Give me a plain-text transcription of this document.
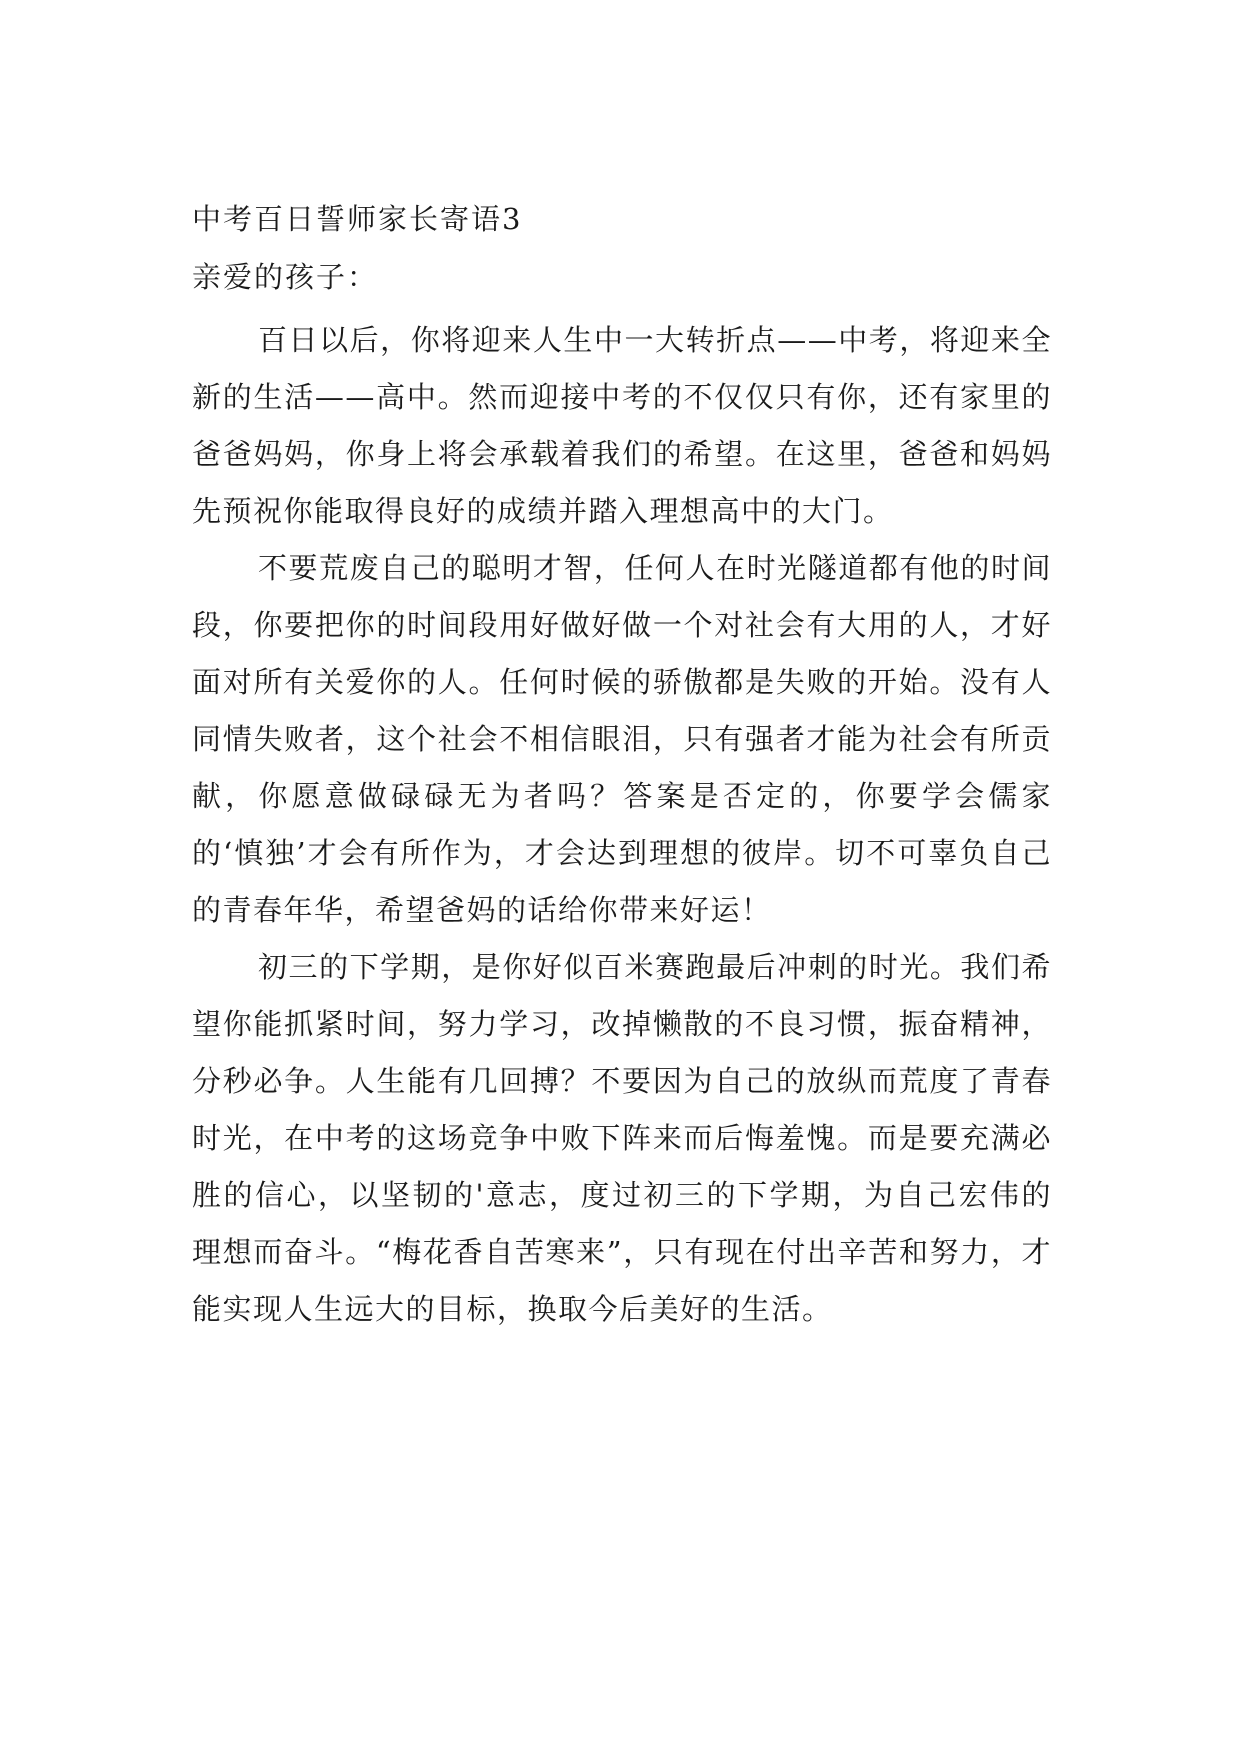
中考百日誓师家长寄语3

亲爱的孩子：

百日以后，你将迎来人生中一大转折点——中考，将迎来全新的生活——高中。然而迎接中考的不仅仅只有你，还有家里的爸爸妈妈，你身上将会承载着我们的希望。在这里，爸爸和妈妈先预祝你能取得良好的成绩并踏入理想高中的大门。

不要荒废自己的聪明才智，任何人在时光隧道都有他的时间段，你要把你的时间段用好做好做一个对社会有大用的人，才好面对所有关爱你的人。任何时候的骄傲都是失败的开始。没有人同情失败者，这个社会不相信眼泪，只有强者才能为社会有所贡献，你愿意做碌碌无为者吗？答案是否定的，你要学会儒家的‘慎独’才会有所作为，才会达到理想的彼岸。切不可辜负自己的青春年华，希望爸妈的话给你带来好运！

初三的下学期，是你好似百米赛跑最后冲刺的时光。我们希望你能抓紧时间，努力学习，改掉懒散的不良习惯，振奋精神，分秒必争。人生能有几回搏？不要因为自己的放纵而荒度了青春时光，在中考的这场竞争中败下阵来而后悔羞愧。而是要充满必胜的信心，以坚韧的'意志，度过初三的下学期，为自己宏伟的理想而奋斗。“梅花香自苦寒来”，只有现在付出辛苦和努力，才能实现人生远大的目标，换取今后美好的生活。
